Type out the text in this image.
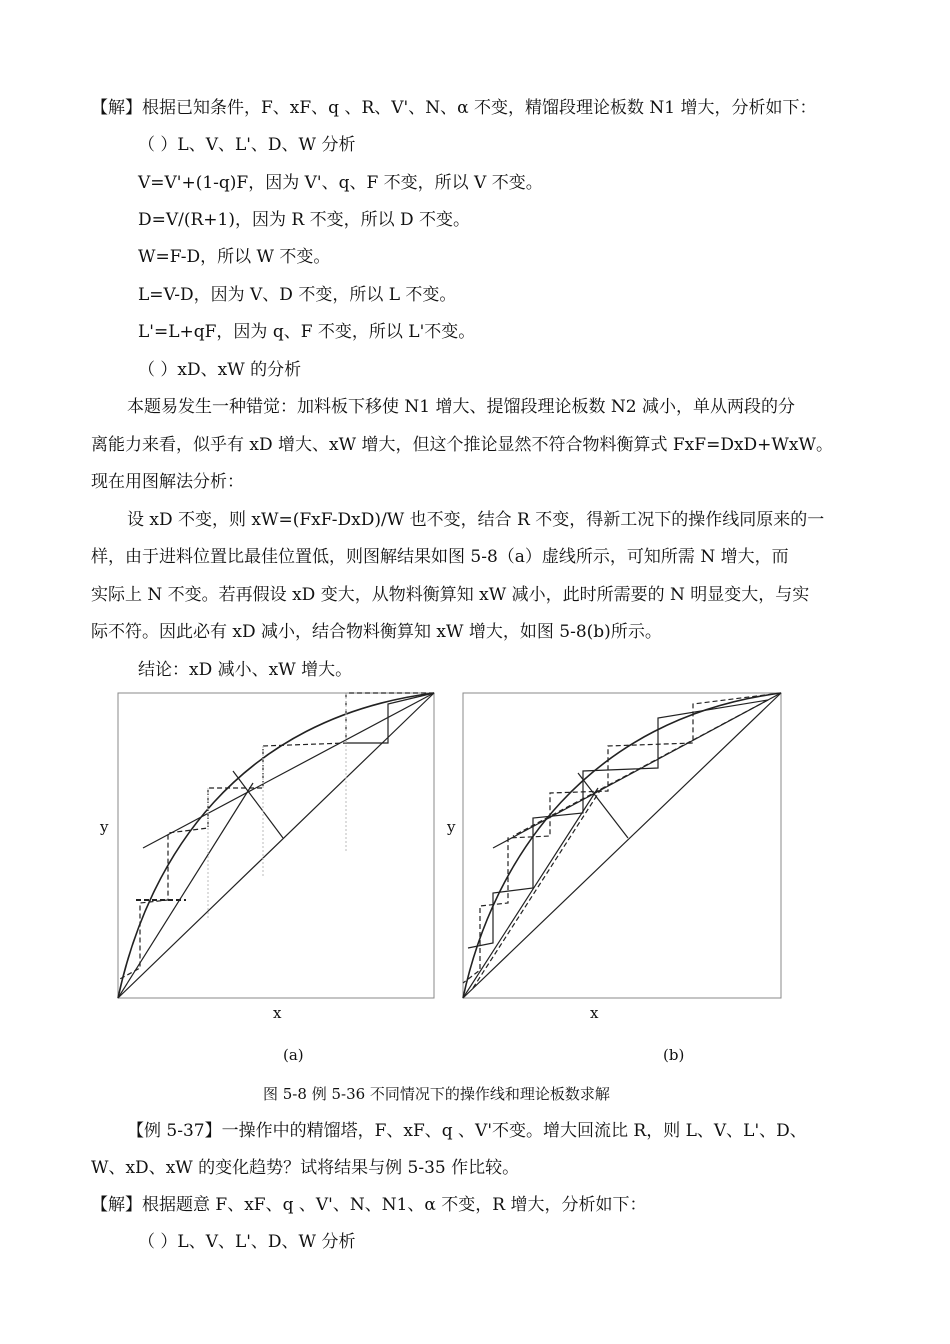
【解】根据已知条件，F、xF、q 、R、V'、N、α 不变，精馏段理论板数 N1 增大，分析如下：
（ ）L、V、L'、D、W 分析
V=V'+(1-q)F，因为 V'、q、F 不变，所以 V 不变。
D=V/(R+1)，因为 R 不变，所以 D 不变。
W=F-D，所以 W 不变。
L=V-D，因为 V、D 不变，所以 L 不变。
L'=L+qF，因为 q、F 不变，所以 L'不变。
（ ）xD、xW 的分析
本题易发生一种错觉：加料板下移使 N1 增大、提馏段理论板数 N2 减小，单从两段的分
离能力来看，似乎有 xD 增大、xW 增大，但这个推论显然不符合物料衡算式 FxF=DxD+WxW。
现在用图解法分析：
设 xD 不变，则 xW=(FxF-DxD)/W 也不变，结合 R 不变，得新工况下的操作线同原来的一
样，由于进料位置比最佳位置低，则图解结果如图 5-8（a）虚线所示，可知所需 N 增大，而
实际上 N 不变。若再假设 xD 变大，从物料衡算知 xW 减小，此时所需要的 N 明显变大，与实
际不符。因此必有 xD 减小，结合物料衡算知 xW 增大，如图 5-8(b)所示。
结论：xD 减小、xW 增大。
y
x
(a)
y
x
(b)
图 5-8 例 5-36 不同情况下的操作线和理论板数求解
【例 5-37】一操作中的精馏塔，F、xF、q 、V'不变。增大回流比 R，则 L、V、L'、D、
W、xD、xW 的变化趋势？试将结果与例 5-35 作比较。
【解】根据题意 F、xF、q 、V'、N、N1、α 不变，R 增大，分析如下：
（ ）L、V、L'、D、W 分析
